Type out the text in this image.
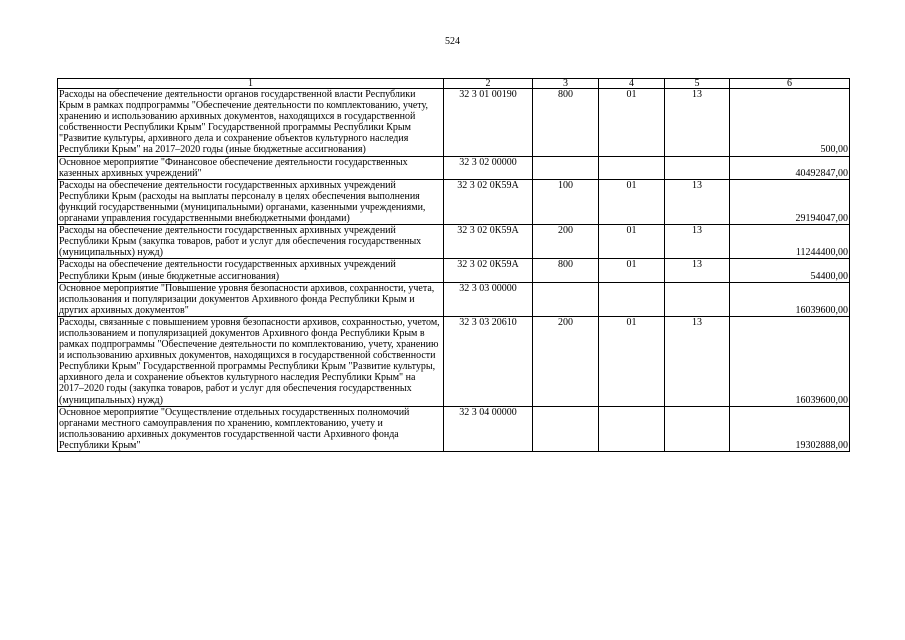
524
1	2	3	4	5	6
Расходы на обеспечение деятельности органов государственной власти Республики Крым в рамках подпрограммы "Обеспечение деятельности по комплектованию, учету, хранению и использованию архивных документов, находящихся в государственной собственности Республики Крым" Государственной программы Республики Крым "Развитие культуры, архивного дела и сохранение объектов культурного наследия Республики Крым" на 2017–2020 годы (иные бюджетные ассигнования)	32 3 01 00190	800	01	13	500,00
Основное мероприятие "Финансовое обеспечение деятельности государственных казенных архивных учреждений"	32 3 02 00000				40492847,00
Расходы на обеспечение деятельности государственных архивных учреждений Республики Крым (расходы на выплаты персоналу в целях обеспечения выполнения функций государственными (муниципальными) органами, казенными учреждениями, органами управления государственными внебюджетными фондами)	32 3 02 0К59А	100	01	13	29194047,00
Расходы на обеспечение деятельности государственных архивных учреждений Республики Крым (закупка товаров, работ и услуг для обеспечения государственных (муниципальных) нужд)	32 3 02 0К59А	200	01	13	11244400,00
Расходы на обеспечение деятельности государственных архивных учреждений Республики Крым (иные бюджетные ассигнования)	32 3 02 0К59А	800	01	13	54400,00
Основное мероприятие "Повышение уровня безопасности архивов, сохранности, учета, использования и популяризации документов Архивного фонда Республики Крым и других архивных документов"	32 3 03 00000				16039600,00
Расходы, связанные с повышением уровня безопасности архивов, сохранностью, учетом, использованием и популяризацией документов Архивного фонда Республики Крым в рамках подпрограммы "Обеспечение деятельности по комплектованию, учету, хранению и использованию архивных документов, находящихся в государственной собственности Республики Крым" Государственной программы Республики Крым "Развитие культуры, архивного дела и сохранение объектов культурного наследия Республики Крым" на 2017–2020 годы (закупка товаров, работ и услуг для обеспечения государственных (муниципальных) нужд)	32 3 03 20610	200	01	13	16039600,00
Основное мероприятие "Осуществление отдельных государственных полномочий органами местного самоуправления по хранению, комплектованию, учету и использованию архивных документов государственной части Архивного фонда Республики Крым"	32 3 04 00000				19302888,00
